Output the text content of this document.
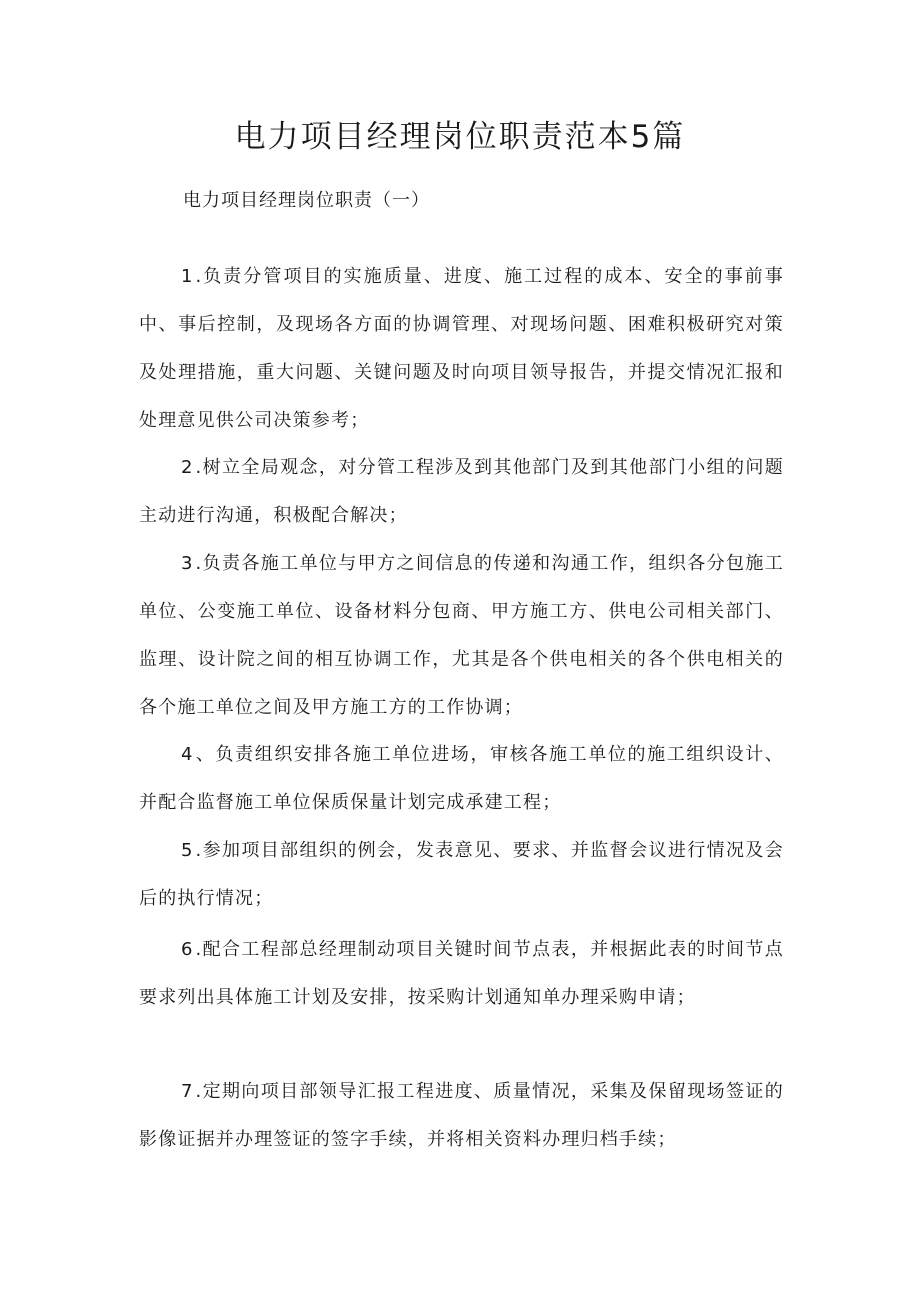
电力项目经理岗位职责范本5篇
电力项目经理岗位职责（一）

1.负责分管项目的实施质量、进度、施工过程的成本、安全的事前事中、事后控制，及现场各方面的协调管理、对现场问题、困难积极研究对策及处理措施，重大问题、关键问题及时向项目领导报告，并提交情况汇报和处理意见供公司决策参考；

2.树立全局观念，对分管工程涉及到其他部门及到其他部门小组的问题主动进行沟通，积极配合解决；

3.负责各施工单位与甲方之间信息的传递和沟通工作，组织各分包施工单位、公变施工单位、设备材料分包商、甲方施工方、供电公司相关部门、监理、设计院之间的相互协调工作，尤其是各个供电相关的各个供电相关的各个施工单位之间及甲方施工方的工作协调；

4、负责组织安排各施工单位进场，审核各施工单位的施工组织设计、并配合监督施工单位保质保量计划完成承建工程；

5.参加项目部组织的例会，发表意见、要求、并监督会议进行情况及会后的执行情况；

6.配合工程部总经理制动项目关键时间节点表，并根据此表的时间节点要求列出具体施工计划及安排，按采购计划通知单办理采购申请；

7.定期向项目部领导汇报工程进度、质量情况，采集及保留现场签证的影像证据并办理签证的签字手续，并将相关资料办理归档手续；
